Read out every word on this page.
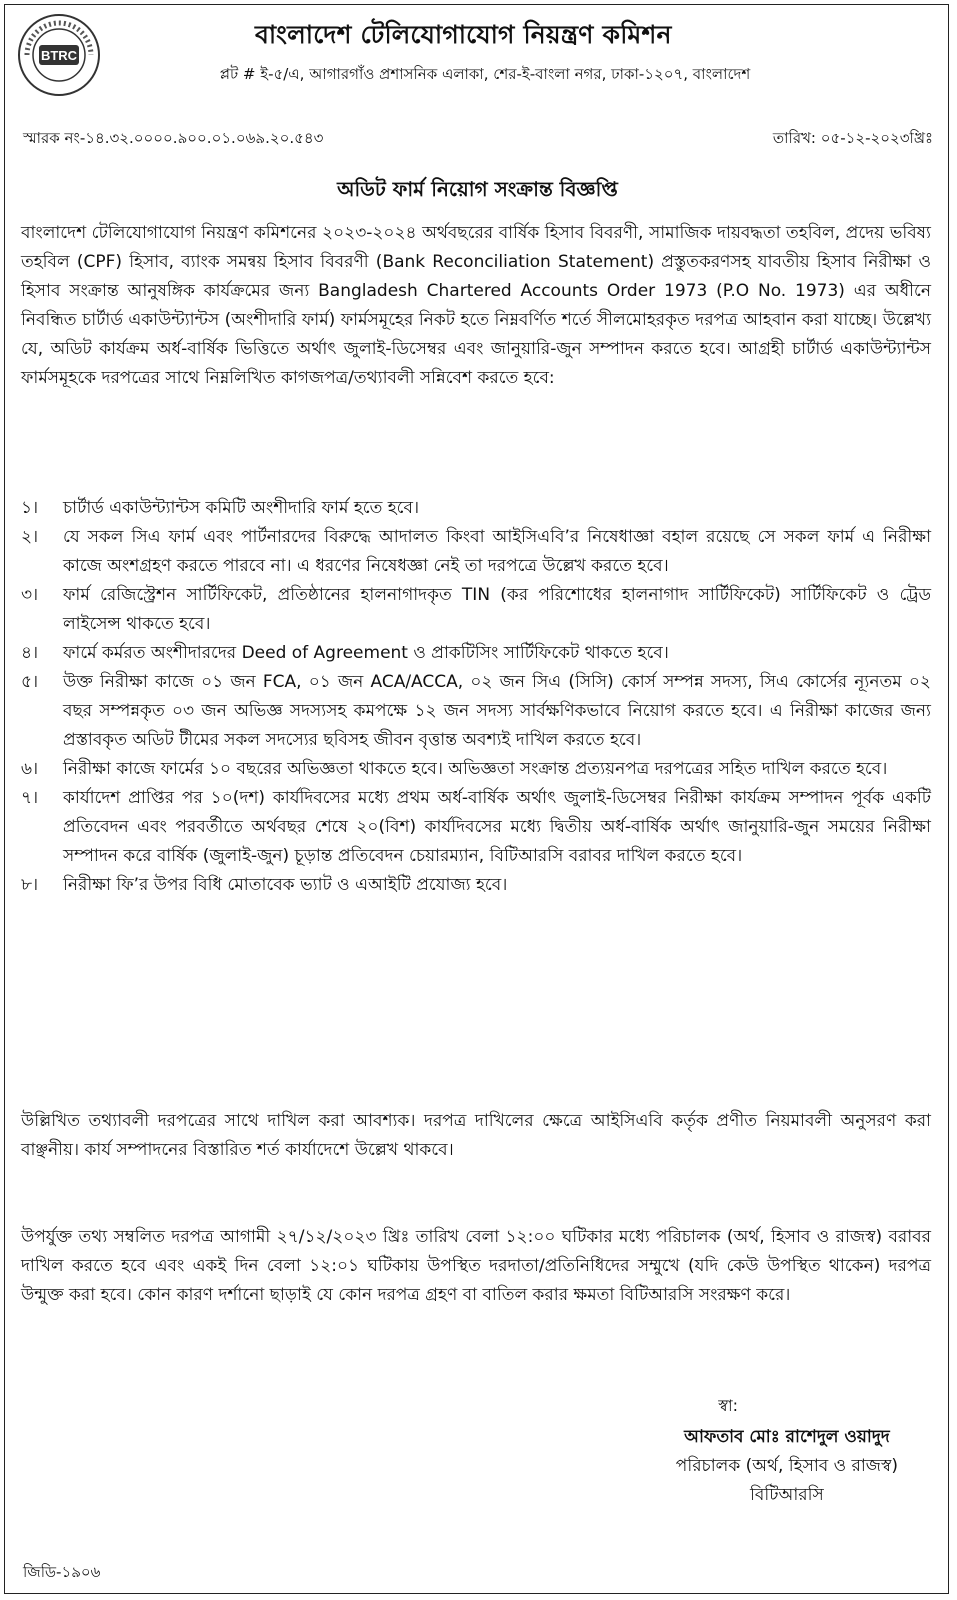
BTRC
বাংলাদেশ টেলিযোগাযোগ নিয়ন্ত্রণ কমিশন
প্লট # ই-৫/এ, আগারগাঁও প্রশাসনিক এলাকা, শের-ই-বাংলা নগর, ঢাকা-১২০৭, বাংলাদেশ
স্মারক নং-১৪.৩২.০০০০.৯০০.০১.০৬৯.২০.৫৪৩	তারিখ: ০৫-১২-২০২৩খ্রিঃ
অডিট ফার্ম নিয়োগ সংক্রান্ত বিজ্ঞপ্তি
বাংলাদেশ টেলিযোগাযোগ নিয়ন্ত্রণ কমিশনের ২০২৩-২০২৪ অর্থবছরের বার্ষিক হিসাব বিবরণী, সামাজিক দায়বদ্ধতা তহবিল, প্রদেয় ভবিষ্য তহবিল (CPF) হিসাব, ব্যাংক সমন্বয় হিসাব বিবরণী (Bank Reconciliation Statement) প্রস্তুতকরণসহ যাবতীয় হিসাব নিরীক্ষা ও হিসাব সংক্রান্ত আনুষঙ্গিক কার্যক্রমের জন্য Bangladesh Chartered Accounts Order 1973 (P.O No. 1973) এর অধীনে নিবন্ধিত চার্টার্ড একাউন্ট্যান্টস (অংশীদারি ফার্ম) ফার্মসমূহের নিকট হতে নিম্নবর্ণিত শর্তে সীলমোহরকৃত দরপত্র আহবান করা যাচ্ছে। উল্লেখ্য যে, অডিট কার্যক্রম অর্ধ-বার্ষিক ভিত্তিতে অর্থাৎ জুলাই-ডিসেম্বর এবং জানুয়ারি-জুন সম্পাদন করতে হবে। আগ্রহী চার্টার্ড একাউন্ট্যান্টস ফার্মসমূহকে দরপত্রের সাথে নিম্নলিখিত কাগজপত্র/তথ্যাবলী সন্নিবেশ করতে হবে:
১।	চার্টার্ড একাউন্ট্যান্টস কমিটি অংশীদারি ফার্ম হতে হবে।
২।	যে সকল সিএ ফার্ম এবং পার্টনারদের বিরুদ্ধে আদালত কিংবা আইসিএবি’র নিষেধাজ্ঞা বহাল রয়েছে সে সকল ফার্ম এ নিরীক্ষা কাজে অংশগ্রহণ করতে পারবে না। এ ধরণের নিষেধজ্ঞা নেই তা দরপত্রে উল্লেখ করতে হবে।
৩।	ফার্ম রেজিস্ট্রেশন সার্টিফিকেট, প্রতিষ্ঠানের হালনাগাদকৃত TIN (কর পরিশোধের হালনাগাদ সার্টিফিকেট) সার্টিফিকেট ও ট্রেড লাইসেন্স থাকতে হবে।
৪।	ফার্মে কর্মরত অংশীদারদের Deed of Agreement ও প্রাকটিসিং সার্টিফিকেট থাকতে হবে।
৫।	উক্ত নিরীক্ষা কাজে ০১ জন FCA, ০১ জন ACA/ACCA, ০২ জন সিএ (সিসি) কোর্স সম্পন্ন সদস্য, সিএ কোর্সের ন্যূনতম ০২ বছর সম্পন্নকৃত ০৩ জন অভিজ্ঞ সদস্যসহ কমপক্ষে ১২ জন সদস্য সার্বক্ষণিকভাবে নিয়োগ করতে হবে। এ নিরীক্ষা কাজের জন্য প্রস্তাবকৃত অডিট টীমের সকল সদস্যের ছবিসহ জীবন বৃত্তান্ত অবশ্যই দাখিল করতে হবে।
৬।	নিরীক্ষা কাজে ফার্মের ১০ বছরের অভিজ্ঞতা থাকতে হবে। অভিজ্ঞতা সংক্রান্ত প্রত্যয়নপত্র দরপত্রের সহিত দাখিল করতে হবে।
৭।	কার্যাদেশ প্রাপ্তির পর ১০(দশ) কার্যদিবসের মধ্যে প্রথম অর্ধ-বার্ষিক অর্থাৎ জুলাই-ডিসেম্বর নিরীক্ষা কার্যক্রম সম্পাদন পূর্বক একটি প্রতিবেদন এবং পরবর্তীতে অর্থবছর শেষে ২০(বিশ) কার্যদিবসের মধ্যে দ্বিতীয় অর্ধ-বার্ষিক অর্থাৎ জানুয়ারি-জুন সময়ের নিরীক্ষা সম্পাদন করে বার্ষিক (জুলাই-জুন) চূড়ান্ত প্রতিবেদন চেয়ারম্যান, বিটিআরসি বরাবর দাখিল করতে হবে।
৮।	নিরীক্ষা ফি’র উপর বিধি মোতাবেক ভ্যাট ও এআইটি প্রযোজ্য হবে।
উল্লিখিত তথ্যাবলী দরপত্রের সাথে দাখিল করা আবশ্যক। দরপত্র দাখিলের ক্ষেত্রে আইসিএবি কর্তৃক প্রণীত নিয়মাবলী অনুসরণ করা বাঞ্ছনীয়। কার্য সম্পাদনের বিস্তারিত শর্ত কার্যাদেশে উল্লেখ থাকবে।
উপর্যুক্ত তথ্য সম্বলিত দরপত্র আগামী ২৭/১২/২০২৩ খ্রিঃ তারিখ বেলা ১২:০০ ঘটিকার মধ্যে পরিচালক (অর্থ, হিসাব ও রাজস্ব) বরাবর দাখিল করতে হবে এবং একই দিন বেলা ১২:০১ ঘটিকায় উপস্থিত দরদাতা/প্রতিনিধিদের সম্মুখে (যদি কেউ উপস্থিত থাকেন) দরপত্র উন্মুক্ত করা হবে। কোন কারণ দর্শানো ছাড়াই যে কোন দরপত্র গ্রহণ বা বাতিল করার ক্ষমতা বিটিআরসি সংরক্ষণ করে।
স্বা:
আফতাব মোঃ রাশেদুল ওয়াদুদ
পরিচালক (অর্থ, হিসাব ও রাজস্ব)
বিটিআরসি
জিডি-১৯০৬
